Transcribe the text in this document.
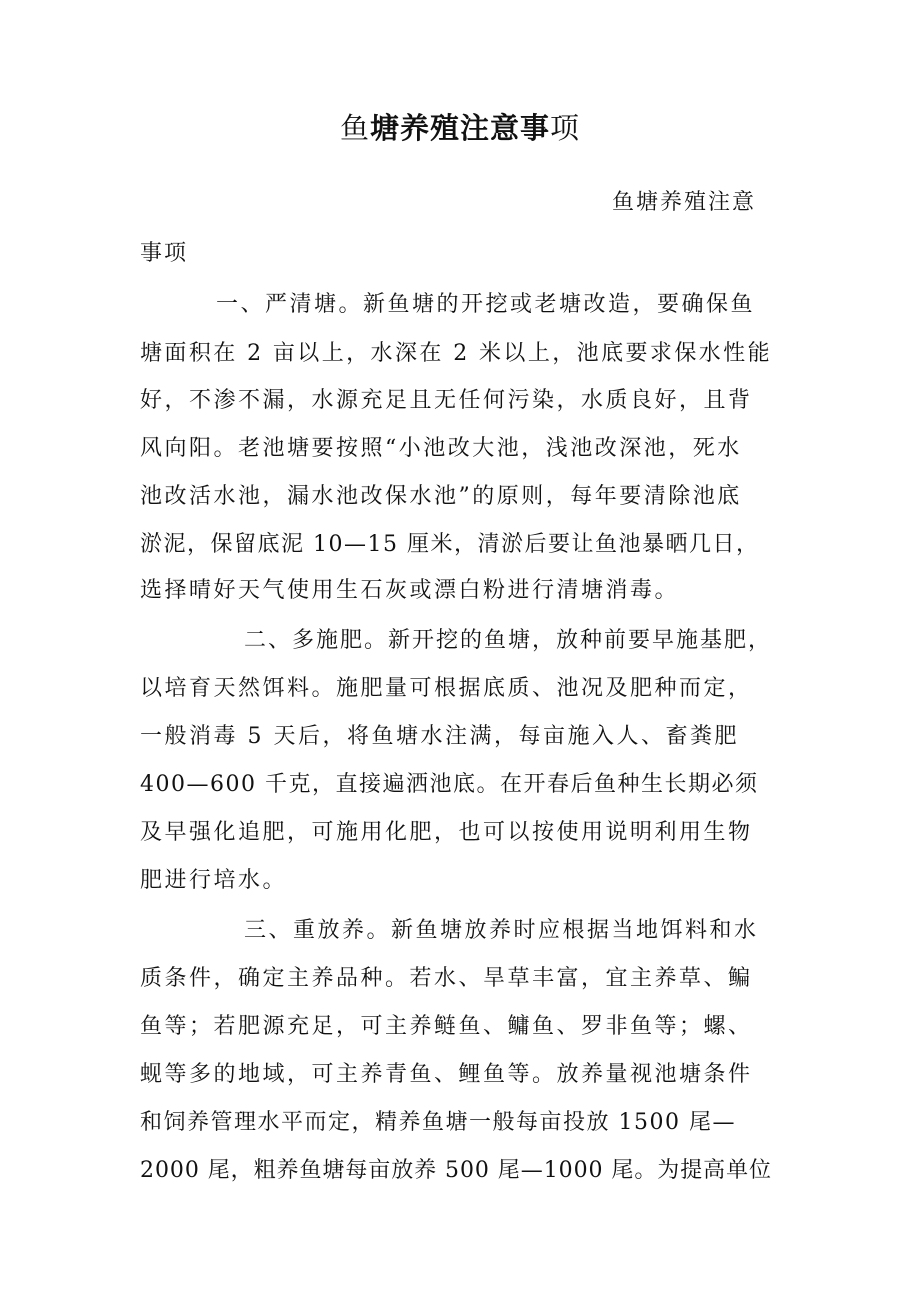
鱼塘养殖注意事项
鱼塘养殖注意
事项

一、严清塘。新鱼塘的开挖或老塘改造，要确保鱼

塘面积在 2 亩以上，水深在 2 米以上，池底要求保水性能

好，不渗不漏，水源充足且无任何污染，水质良好，且背

风向阳。老池塘要按照“小池改大池，浅池改深池，死水

池改活水池，漏水池改保水池”的原则，每年要清除池底

淤泥，保留底泥 10—15 厘米，清淤后要让鱼池暴晒几日，

选择晴好天气使用生石灰或漂白粉进行清塘消毒。

二、多施肥。新开挖的鱼塘，放种前要早施基肥，

以培育天然饵料。施肥量可根据底质、池况及肥种而定，

一般消毒 5 天后，将鱼塘水注满，每亩施入人、畜粪肥

400—600 千克，直接遍洒池底。在开春后鱼种生长期必须

及早强化追肥，可施用化肥，也可以按使用说明利用生物

肥进行培水。

三、重放养。新鱼塘放养时应根据当地饵料和水

质条件，确定主养品种。若水、旱草丰富，宜主养草、鳊

鱼等；若肥源充足，可主养鲢鱼、鳙鱼、罗非鱼等；螺、

蚬等多的地域，可主养青鱼、鲤鱼等。放养量视池塘条件

和饲养管理水平而定，精养鱼塘一般每亩投放 1500 尾—

2000 尾，粗养鱼塘每亩放养 500 尾—1000 尾。为提高单位
